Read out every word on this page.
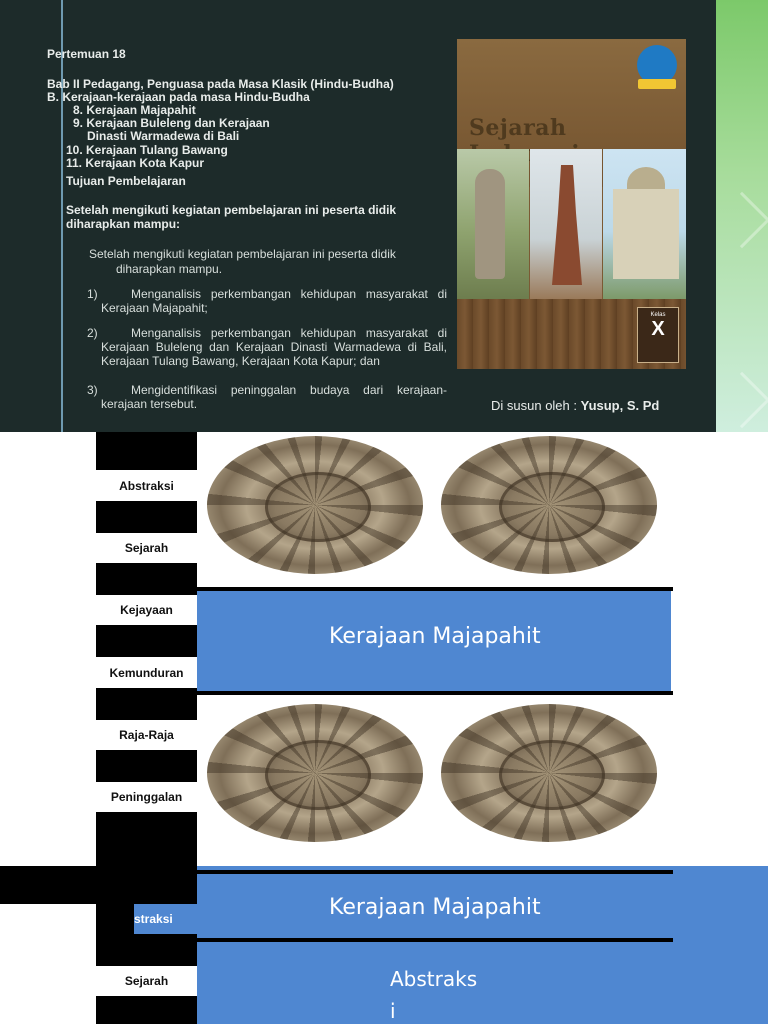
Pertemuan 18
Bab II Pedagang, Penguasa pada Masa Klasik (Hindu-Budha)
B. Kerajaan-kerajaan pada masa Hindu-Budha
8. Kerajaan Majapahit
9. Kerajaan Buleleng dan Kerajaan
Dinasti Warmadewa di Bali
10. Kerajaan Tulang Bawang
11. Kerajaan Kota Kapur
Tujuan Pembelajaran
Setelah mengikuti kegiatan pembelajaran ini peserta didik diharapkan mampu:
Setelah mengikuti kegiatan pembelajaran ini peserta didik
diharapkan mampu.
1)	Menganalisis perkembangan kehidupan masyarakat di Kerajaan Majapahit;
2)	Menganalisis perkembangan kehidupan masyarakat di Kerajaan Buleleng dan Kerajaan Dinasti Warmadewa di Bali, Kerajaan Tulang Bawang, Kerajaan Kota Kapur; dan
3)	Mengidentifikasi peninggalan budaya dari kerajaan-kerajaan tersebut.
Sejarah
Kelas
X
Di susun oleh : Yusup, S. Pd
Abstraksi
Sejarah
Kejayaan
Kemunduran
Raja-Raja
Peninggalan
Kerajaan Majapahit
straksi
Sejarah
Kerajaan Majapahit
Abstraks
i
